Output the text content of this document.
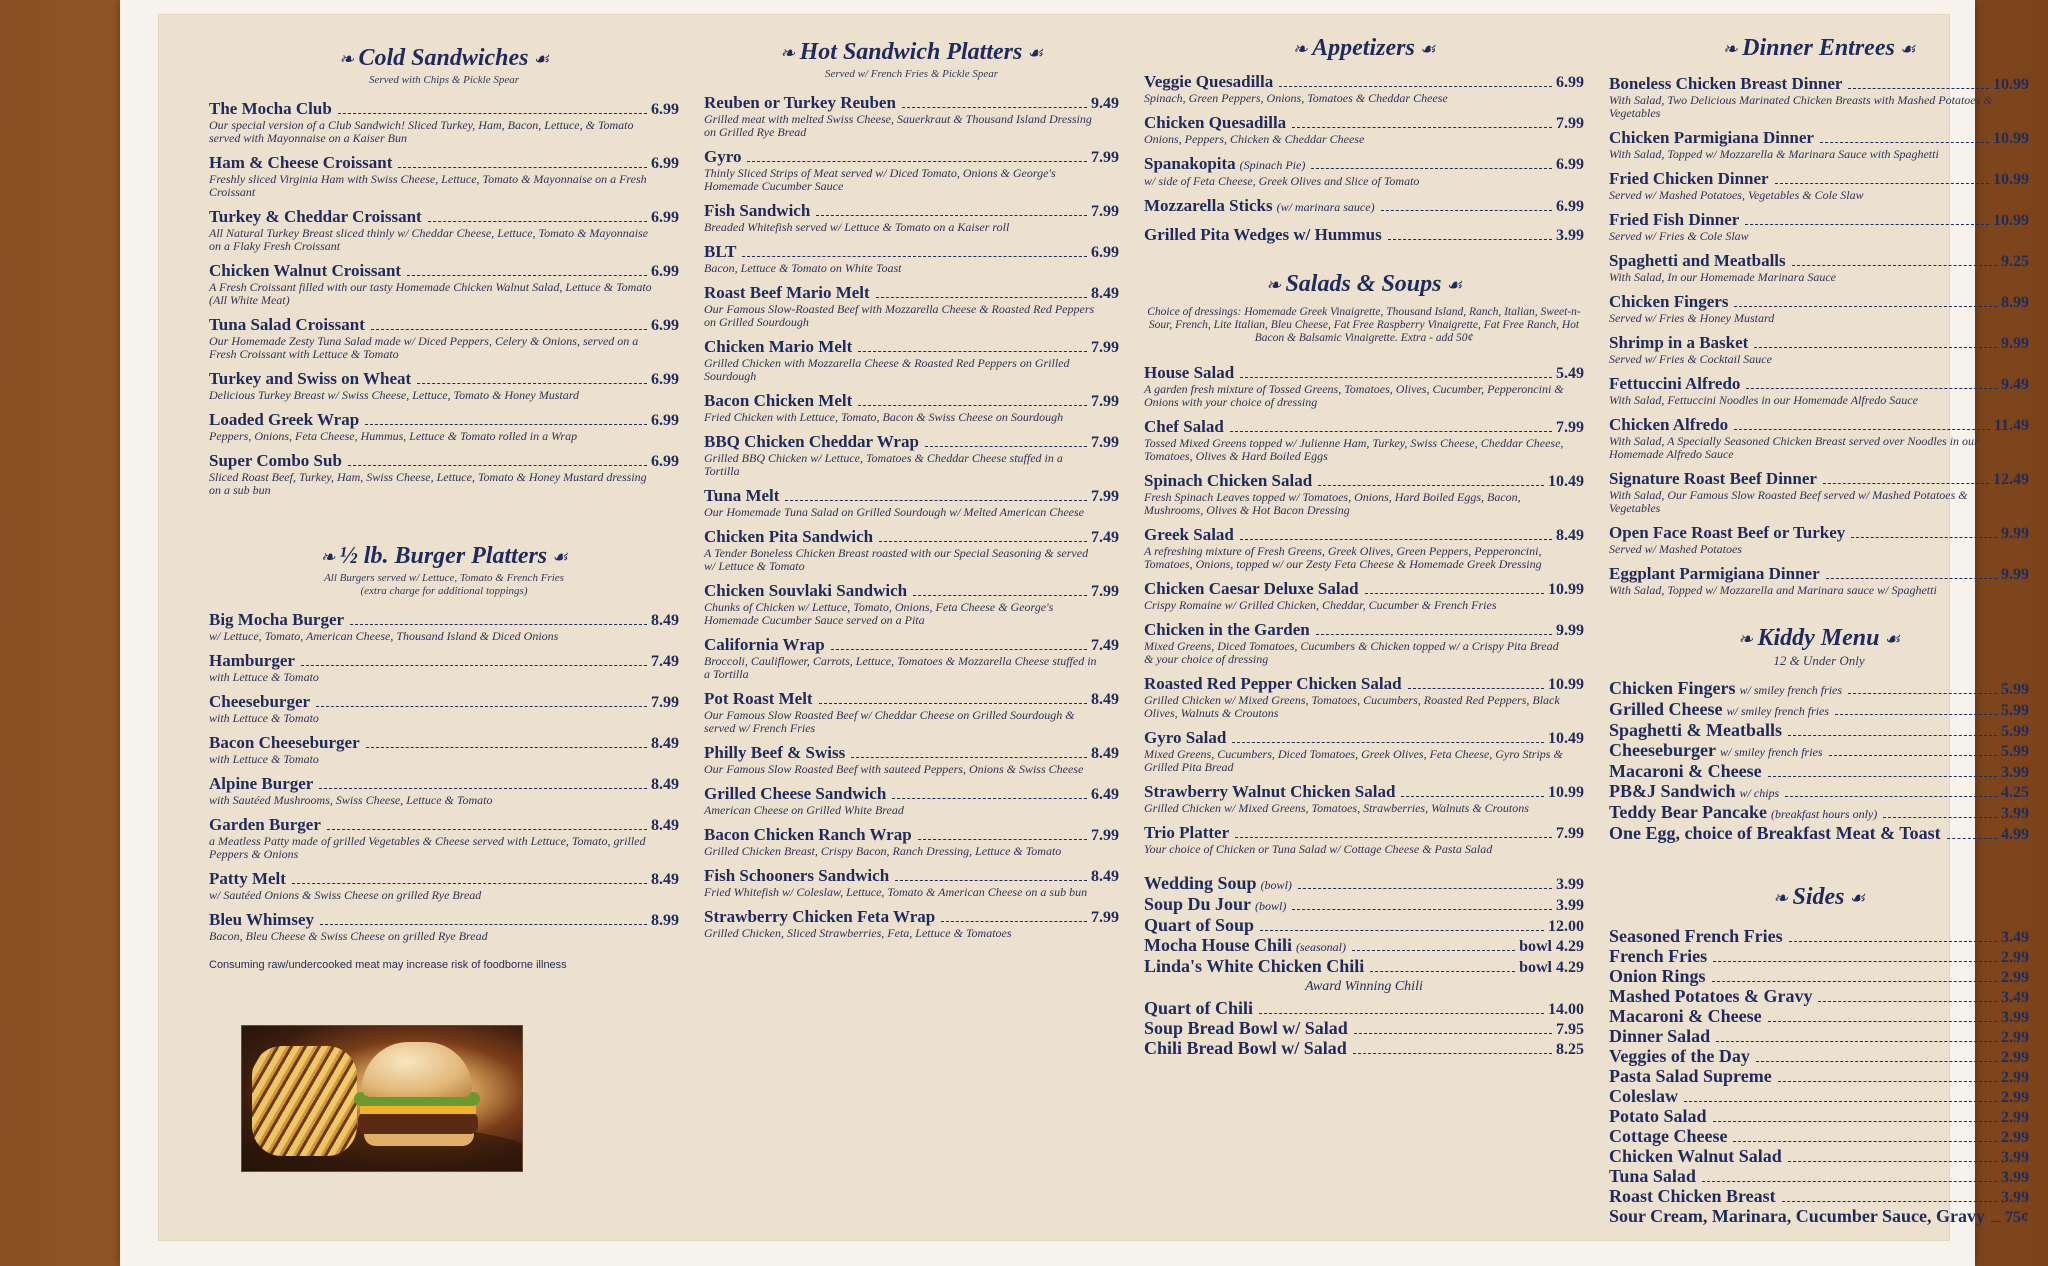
❧ Cold Sandwiches ☙
Served with Chips & Pickle Spear
The Mocha Club	6.99
Our special version of a Club Sandwich! Sliced Turkey, Ham, Bacon, Lettuce, & Tomato served with Mayonnaise on a Kaiser Bun
Ham & Cheese Croissant	6.99
Freshly sliced Virginia Ham with Swiss Cheese, Lettuce, Tomato & Mayonnaise on a Fresh Croissant
Turkey & Cheddar Croissant	6.99
All Natural Turkey Breast sliced thinly w/ Cheddar Cheese, Lettuce, Tomato & Mayonnaise on a Flaky Fresh Croissant
Chicken Walnut Croissant	6.99
A Fresh Croissant filled with our tasty Homemade Chicken Walnut Salad, Lettuce & Tomato (All White Meat)
Tuna Salad Croissant	6.99
Our Homemade Zesty Tuna Salad made w/ Diced Peppers, Celery & Onions, served on a Fresh Croissant with Lettuce & Tomato
Turkey and Swiss on Wheat	6.99
Delicious Turkey Breast w/ Swiss Cheese, Lettuce, Tomato & Honey Mustard
Loaded Greek Wrap	6.99
Peppers, Onions, Feta Cheese, Hummus, Lettuce & Tomato rolled in a Wrap
Super Combo Sub	6.99
Sliced Roast Beef, Turkey, Ham, Swiss Cheese, Lettuce, Tomato & Honey Mustard dressing on a sub bun
❧ ½ lb. Burger Platters ☙
All Burgers served w/ Lettuce, Tomato & French Fries
(extra charge for additional toppings)
Big Mocha Burger	8.49
w/ Lettuce, Tomato, American Cheese, Thousand Island & Diced Onions
Hamburger	7.49
with Lettuce & Tomato
Cheeseburger	7.99
with Lettuce & Tomato
Bacon Cheeseburger	8.49
with Lettuce & Tomato
Alpine Burger	8.49
with Sautéed Mushrooms, Swiss Cheese, Lettuce & Tomato
Garden Burger	8.49
a Meatless Patty made of grilled Vegetables & Cheese served with Lettuce, Tomato, grilled Peppers & Onions
Patty Melt	8.49
w/ Sautéed Onions & Swiss Cheese on grilled Rye Bread
Bleu Whimsey	8.99
Bacon, Bleu Cheese & Swiss Cheese on grilled Rye Bread
Consuming raw/undercooked meat may increase risk of foodborne illness
❧ Hot Sandwich Platters ☙
Served w/ French Fries & Pickle Spear
Reuben or Turkey Reuben	9.49
Grilled meat with melted Swiss Cheese, Sauerkraut & Thousand Island Dressing on Grilled Rye Bread
Gyro	7.99
Thinly Sliced Strips of Meat served w/ Diced Tomato, Onions & George's Homemade Cucumber Sauce
Fish Sandwich	7.99
Breaded Whitefish served w/ Lettuce & Tomato on a Kaiser roll
BLT	6.99
Bacon, Lettuce & Tomato on White Toast
Roast Beef Mario Melt	8.49
Our Famous Slow-Roasted Beef with Mozzarella Cheese & Roasted Red Peppers on Grilled Sourdough
Chicken Mario Melt	7.99
Grilled Chicken with Mozzarella Cheese & Roasted Red Peppers on Grilled Sourdough
Bacon Chicken Melt	7.99
Fried Chicken with Lettuce, Tomato, Bacon & Swiss Cheese on Sourdough
BBQ Chicken Cheddar Wrap	7.99
Grilled BBQ Chicken w/ Lettuce, Tomatoes & Cheddar Cheese stuffed in a Tortilla
Tuna Melt	7.99
Our Homemade Tuna Salad on Grilled Sourdough w/ Melted American Cheese
Chicken Pita Sandwich	7.49
A Tender Boneless Chicken Breast roasted with our Special Seasoning & served w/ Lettuce & Tomato
Chicken Souvlaki Sandwich	7.99
Chunks of Chicken w/ Lettuce, Tomato, Onions, Feta Cheese & George's Homemade Cucumber Sauce served on a Pita
California Wrap	7.49
Broccoli, Cauliflower, Carrots, Lettuce, Tomatoes & Mozzarella Cheese stuffed in a Tortilla
Pot Roast Melt	8.49
Our Famous Slow Roasted Beef w/ Cheddar Cheese on Grilled Sourdough & served w/ French Fries
Philly Beef & Swiss	8.49
Our Famous Slow Roasted Beef with sauteed Peppers, Onions & Swiss Cheese
Grilled Cheese Sandwich	6.49
American Cheese on Grilled White Bread
Bacon Chicken Ranch Wrap	7.99
Grilled Chicken Breast, Crispy Bacon, Ranch Dressing, Lettuce & Tomato
Fish Schooners Sandwich	8.49
Fried Whitefish w/ Coleslaw, Lettuce, Tomato & American Cheese on a sub bun
Strawberry Chicken Feta Wrap	7.99
Grilled Chicken, Sliced Strawberries, Feta, Lettuce & Tomatoes
❧ Appetizers ☙
Veggie Quesadilla	6.99
Spinach, Green Peppers, Onions, Tomatoes & Cheddar Cheese
Chicken Quesadilla	7.99
Onions, Peppers, Chicken & Cheddar Cheese
Spanakopita (Spinach Pie)	6.99
w/ side of Feta Cheese, Greek Olives and Slice of Tomato
Mozzarella Sticks (w/ marinara sauce)	6.99
Grilled Pita Wedges w/ Hummus	3.99
❧ Salads & Soups ☙
Choice of dressings: Homemade Greek Vinaigrette, Thousand Island, Ranch, Italian, Sweet-n-Sour, French, Lite Italian, Bleu Cheese, Fat Free Raspberry Vinaigrette, Fat Free Ranch, Hot Bacon & Balsamic Vinaigrette. Extra - add 50¢
House Salad	5.49
A garden fresh mixture of Tossed Greens, Tomatoes, Olives, Cucumber, Pepperoncini & Onions with your choice of dressing
Chef Salad	7.99
Tossed Mixed Greens topped w/ Julienne Ham, Turkey, Swiss Cheese, Cheddar Cheese, Tomatoes, Olives & Hard Boiled Eggs
Spinach Chicken Salad	10.49
Fresh Spinach Leaves topped w/ Tomatoes, Onions, Hard Boiled Eggs, Bacon, Mushrooms, Olives & Hot Bacon Dressing
Greek Salad	8.49
A refreshing mixture of Fresh Greens, Greek Olives, Green Peppers, Pepperoncini, Tomatoes, Onions, topped w/ our Zesty Feta Cheese & Homemade Greek Dressing
Chicken Caesar Deluxe Salad	10.99
Crispy Romaine w/ Grilled Chicken, Cheddar, Cucumber & French Fries
Chicken in the Garden	9.99
Mixed Greens, Diced Tomatoes, Cucumbers & Chicken topped w/ a Crispy Pita Bread & your choice of dressing
Roasted Red Pepper Chicken Salad	10.99
Grilled Chicken w/ Mixed Greens, Tomatoes, Cucumbers, Roasted Red Peppers, Black Olives, Walnuts & Croutons
Gyro Salad	10.49
Mixed Greens, Cucumbers, Diced Tomatoes, Greek Olives, Feta Cheese, Gyro Strips & Grilled Pita Bread
Strawberry Walnut Chicken Salad	10.99
Grilled Chicken w/ Mixed Greens, Tomatoes, Strawberries, Walnuts & Croutons
Trio Platter	7.99
Your choice of Chicken or Tuna Salad w/ Cottage Cheese & Pasta Salad
Wedding Soup (bowl)	3.99
Soup Du Jour (bowl)	3.99
Quart of Soup	12.00
Mocha House Chili (seasonal)	bowl 4.29
Linda's White Chicken Chili	bowl 4.29
Award Winning Chili
Quart of Chili	14.00
Soup Bread Bowl w/ Salad	7.95
Chili Bread Bowl w/ Salad	8.25
❧ Dinner Entrees ☙
Boneless Chicken Breast Dinner	10.99
With Salad, Two Delicious Marinated Chicken Breasts with Mashed Potatoes & Vegetables
Chicken Parmigiana Dinner	10.99
With Salad, Topped w/ Mozzarella & Marinara Sauce with Spaghetti
Fried Chicken Dinner	10.99
Served w/ Mashed Potatoes, Vegetables & Cole Slaw
Fried Fish Dinner	10.99
Served w/ Fries & Cole Slaw
Spaghetti and Meatballs	9.25
With Salad, In our Homemade Marinara Sauce
Chicken Fingers	8.99
Served w/ Fries & Honey Mustard
Shrimp in a Basket	9.99
Served w/ Fries & Cocktail Sauce
Fettuccini Alfredo	9.49
With Salad, Fettuccini Noodles in our Homemade Alfredo Sauce
Chicken Alfredo	11.49
With Salad, A Specially Seasoned Chicken Breast served over Noodles in our Homemade Alfredo Sauce
Signature Roast Beef Dinner	12.49
With Salad, Our Famous Slow Roasted Beef served w/ Mashed Potatoes & Vegetables
Open Face Roast Beef or Turkey	9.99
Served w/ Mashed Potatoes
Eggplant Parmigiana Dinner	9.99
With Salad, Topped w/ Mozzarella and Marinara sauce w/ Spaghetti
❧ Kiddy Menu ☙
12 & Under Only
Chicken Fingers w/ smiley french fries	5.99
Grilled Cheese w/ smiley french fries	5.99
Spaghetti & Meatballs	5.99
Cheeseburger w/ smiley french fries	5.99
Macaroni & Cheese	3.99
PB&J Sandwich w/ chips	4.25
Teddy Bear Pancake (breakfast hours only)	3.99
One Egg, choice of Breakfast Meat & Toast	4.99
❧ Sides ☙
Seasoned French Fries	3.49
French Fries	2.99
Onion Rings	2.99
Mashed Potatoes & Gravy	3.49
Macaroni & Cheese	3.99
Dinner Salad	2.99
Veggies of the Day	2.99
Pasta Salad Supreme	2.99
Coleslaw	2.99
Potato Salad	2.99
Cottage Cheese	2.99
Chicken Walnut Salad	3.99
Tuna Salad	3.99
Roast Chicken Breast	3.99
Sour Cream, Marinara, Cucumber Sauce, Gravy 75¢
